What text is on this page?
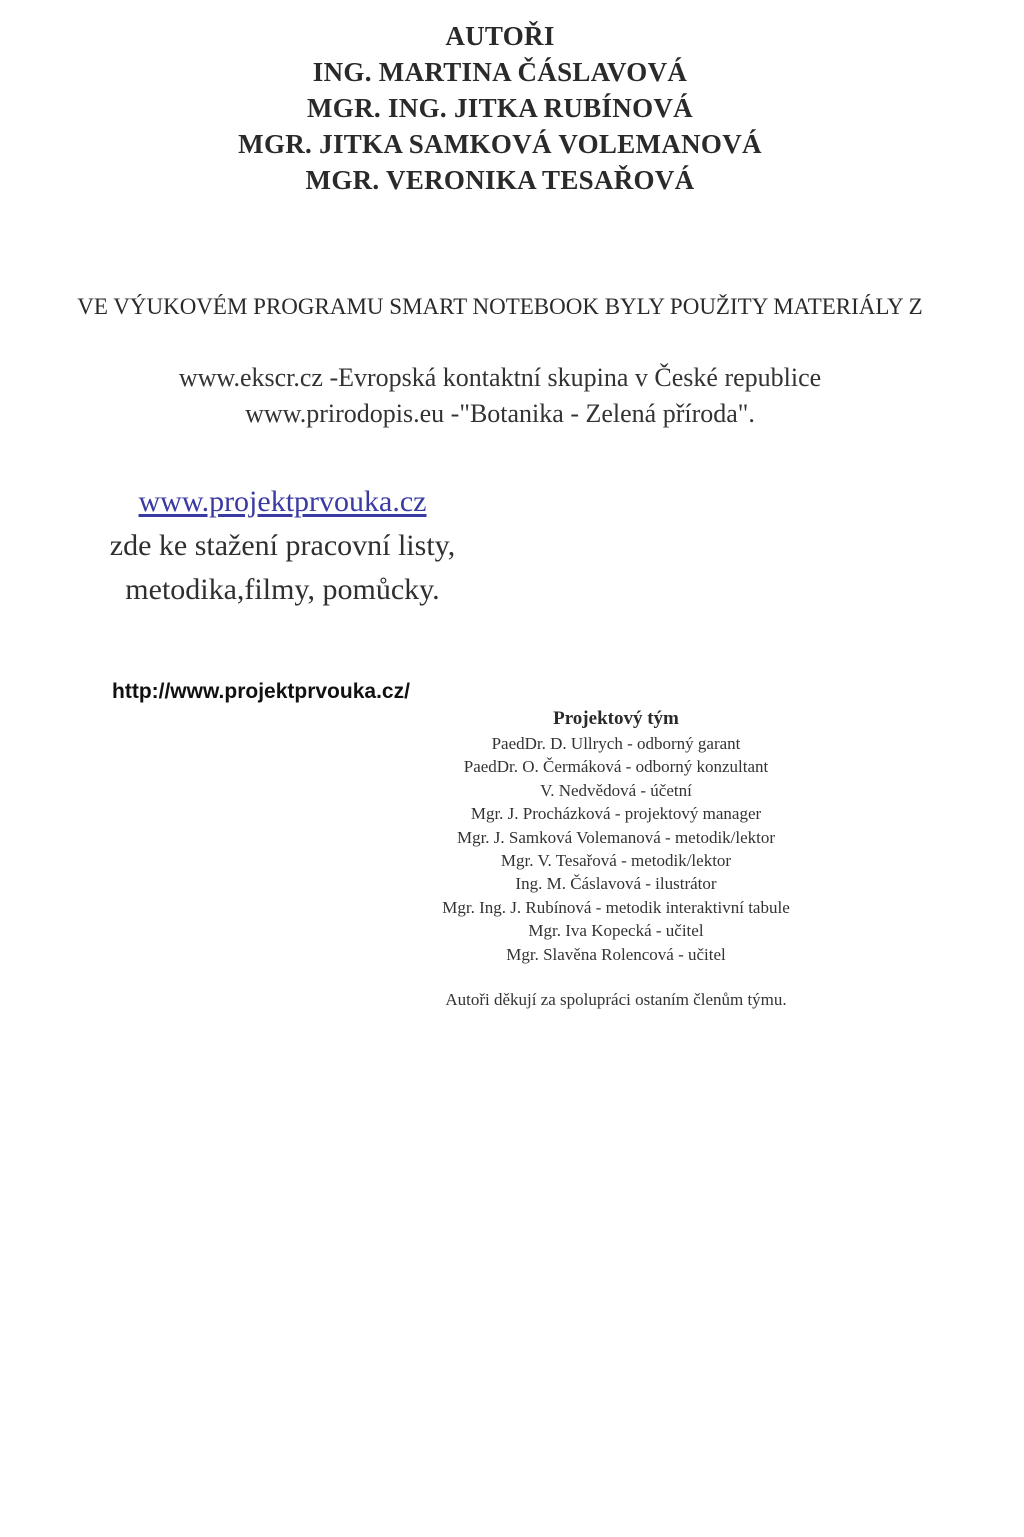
AUTOŘI
ING. MARTINA ČÁSLAVOVÁ
MGR. ING. JITKA RUBÍNOVÁ
MGR. JITKA SAMKOVÁ VOLEMANOVÁ
MGR. VERONIKA TESAŘOVÁ
VE VÝUKOVÉM PROGRAMU SMART NOTEBOOK BYLY POUŽITY MATERIÁLY Z
www.ekscr.cz -Evropská kontaktní skupina v České republice
www.prirodopis.eu -"Botanika - Zelená příroda".
www.projektprvouka.cz
zde ke stažení pracovní listy,
metodika,filmy, pomůcky.
http://www.projektprvouka.cz/
Projektový tým
PaedDr. D. Ullrych - odborný garant
PaedDr. O. Čermáková - odborný konzultant
V. Nedvědová - účetní
Mgr. J. Procházková - projektový manager
Mgr. J. Samková Volemanová - metodik/lektor
Mgr. V. Tesařová - metodik/lektor
Ing. M. Čáslavová - ilustrátor
Mgr. Ing. J. Rubínová - metodik interaktivní tabule
Mgr. Iva Kopecká - učitel
Mgr. Slavěna Rolencová - učitel
Autoři děkují za spolupráci ostaním členům týmu.
